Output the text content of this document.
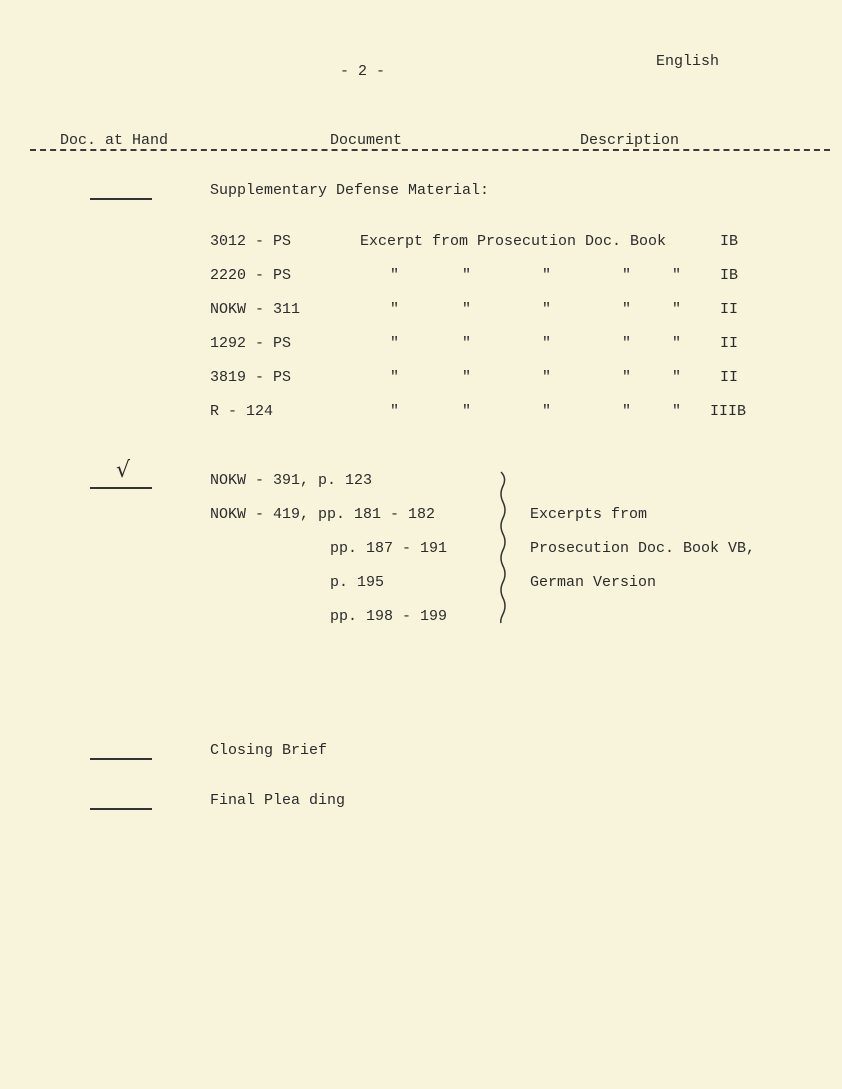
- 2 -
English
Doc. at Hand	Document	Description
Supplementary Defense Material:
3012 - PS	Excerpt from Prosecution Doc. Book	IB
2220 - PS	"	"	"	"	"	IB
NOKW - 311	"	"	"	"	"	II
1292 - PS	"	"	"	"	"	II
3819 - PS	"	"	"	"	"	II
R - 124	"	"	"	"	" IIIB
√	NOKW - 391, p. 123
NOKW - 419, pp. 181 - 182
pp. 187 - 191
p. 195
pp. 198 - 199
Excerpts from
Prosecution Doc. Book VB,
German Version
Closing Brief
Final Plea ding
